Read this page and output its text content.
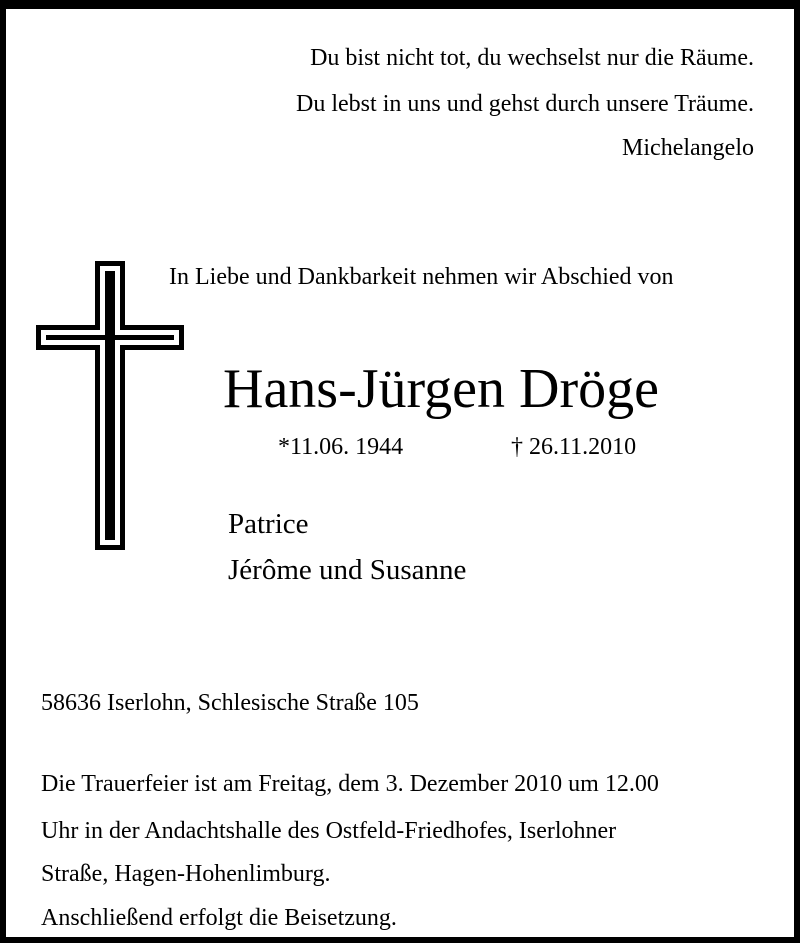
Du bist nicht tot, du wechselst nur die Räume.
Du lebst in uns und gehst durch unsere Träume.
Michelangelo
In Liebe und Dankbarkeit nehmen wir Abschied von
Hans-Jürgen Dröge
*11.06. 1944	† 26.11.2010
Patrice
Jérôme und Susanne
58636 Iserlohn, Schlesische Straße 105
Die Trauerfeier ist am Freitag, dem 3. Dezember 2010 um 12.00
Uhr in der Andachtshalle des Ostfeld-Friedhofes, Iserlohner
Straße, Hagen-Hohenlimburg.
Anschließend erfolgt die Beisetzung.
